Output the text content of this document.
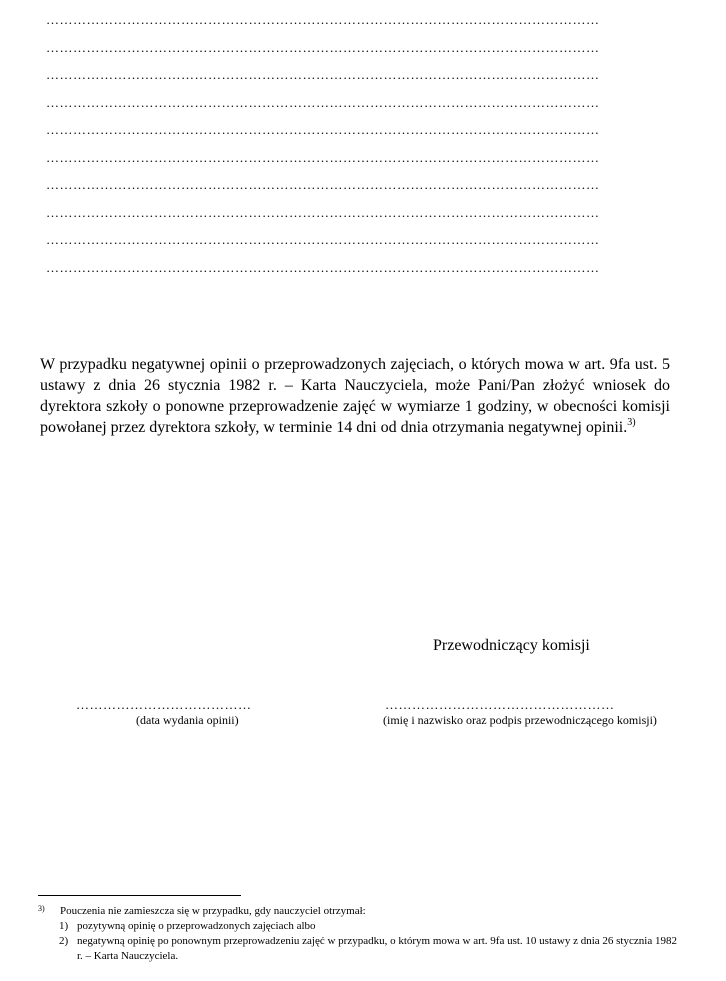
……………………………………………………………………………………………………………
……………………………………………………………………………………………………………
……………………………………………………………………………………………………………
……………………………………………………………………………………………………………
……………………………………………………………………………………………………………
……………………………………………………………………………………………………………
……………………………………………………………………………………………………………
……………………………………………………………………………………………………………
……………………………………………………………………………………………………………
……………………………………………………………………………………………………………

W przypadku negatywnej opinii o przeprowadzonych zajęciach, o których mowa w art. 9fa ust. 5 ustawy z dnia 26 stycznia 1982 r. – Karta Nauczyciela, może Pani/Pan złożyć wniosek do dyrektora szkoły o ponowne przeprowadzenie zajęć w wymiarze 1 godziny, w obecności komisji powołanej przez dyrektora szkoły, w terminie 14 dni od dnia otrzymania negatywnej opinii.$^{3)}$

Przewodniczący komisji
…………………………………
(data wydania opinii)
……………………………………………
(imię i nazwisko oraz podpis przewodniczącego komisji)
3) Pouczenia nie zamieszcza się w przypadku, gdy nauczyciel otrzymał:
1) pozytywną opinię o przeprowadzonych zajęciach albo
2) negatywną opinię po ponownym przeprowadzeniu zajęć w przypadku, o którym mowa w art. 9fa ust. 10 ustawy z dnia 26 stycznia 1982 r. – Karta Nauczyciela.
